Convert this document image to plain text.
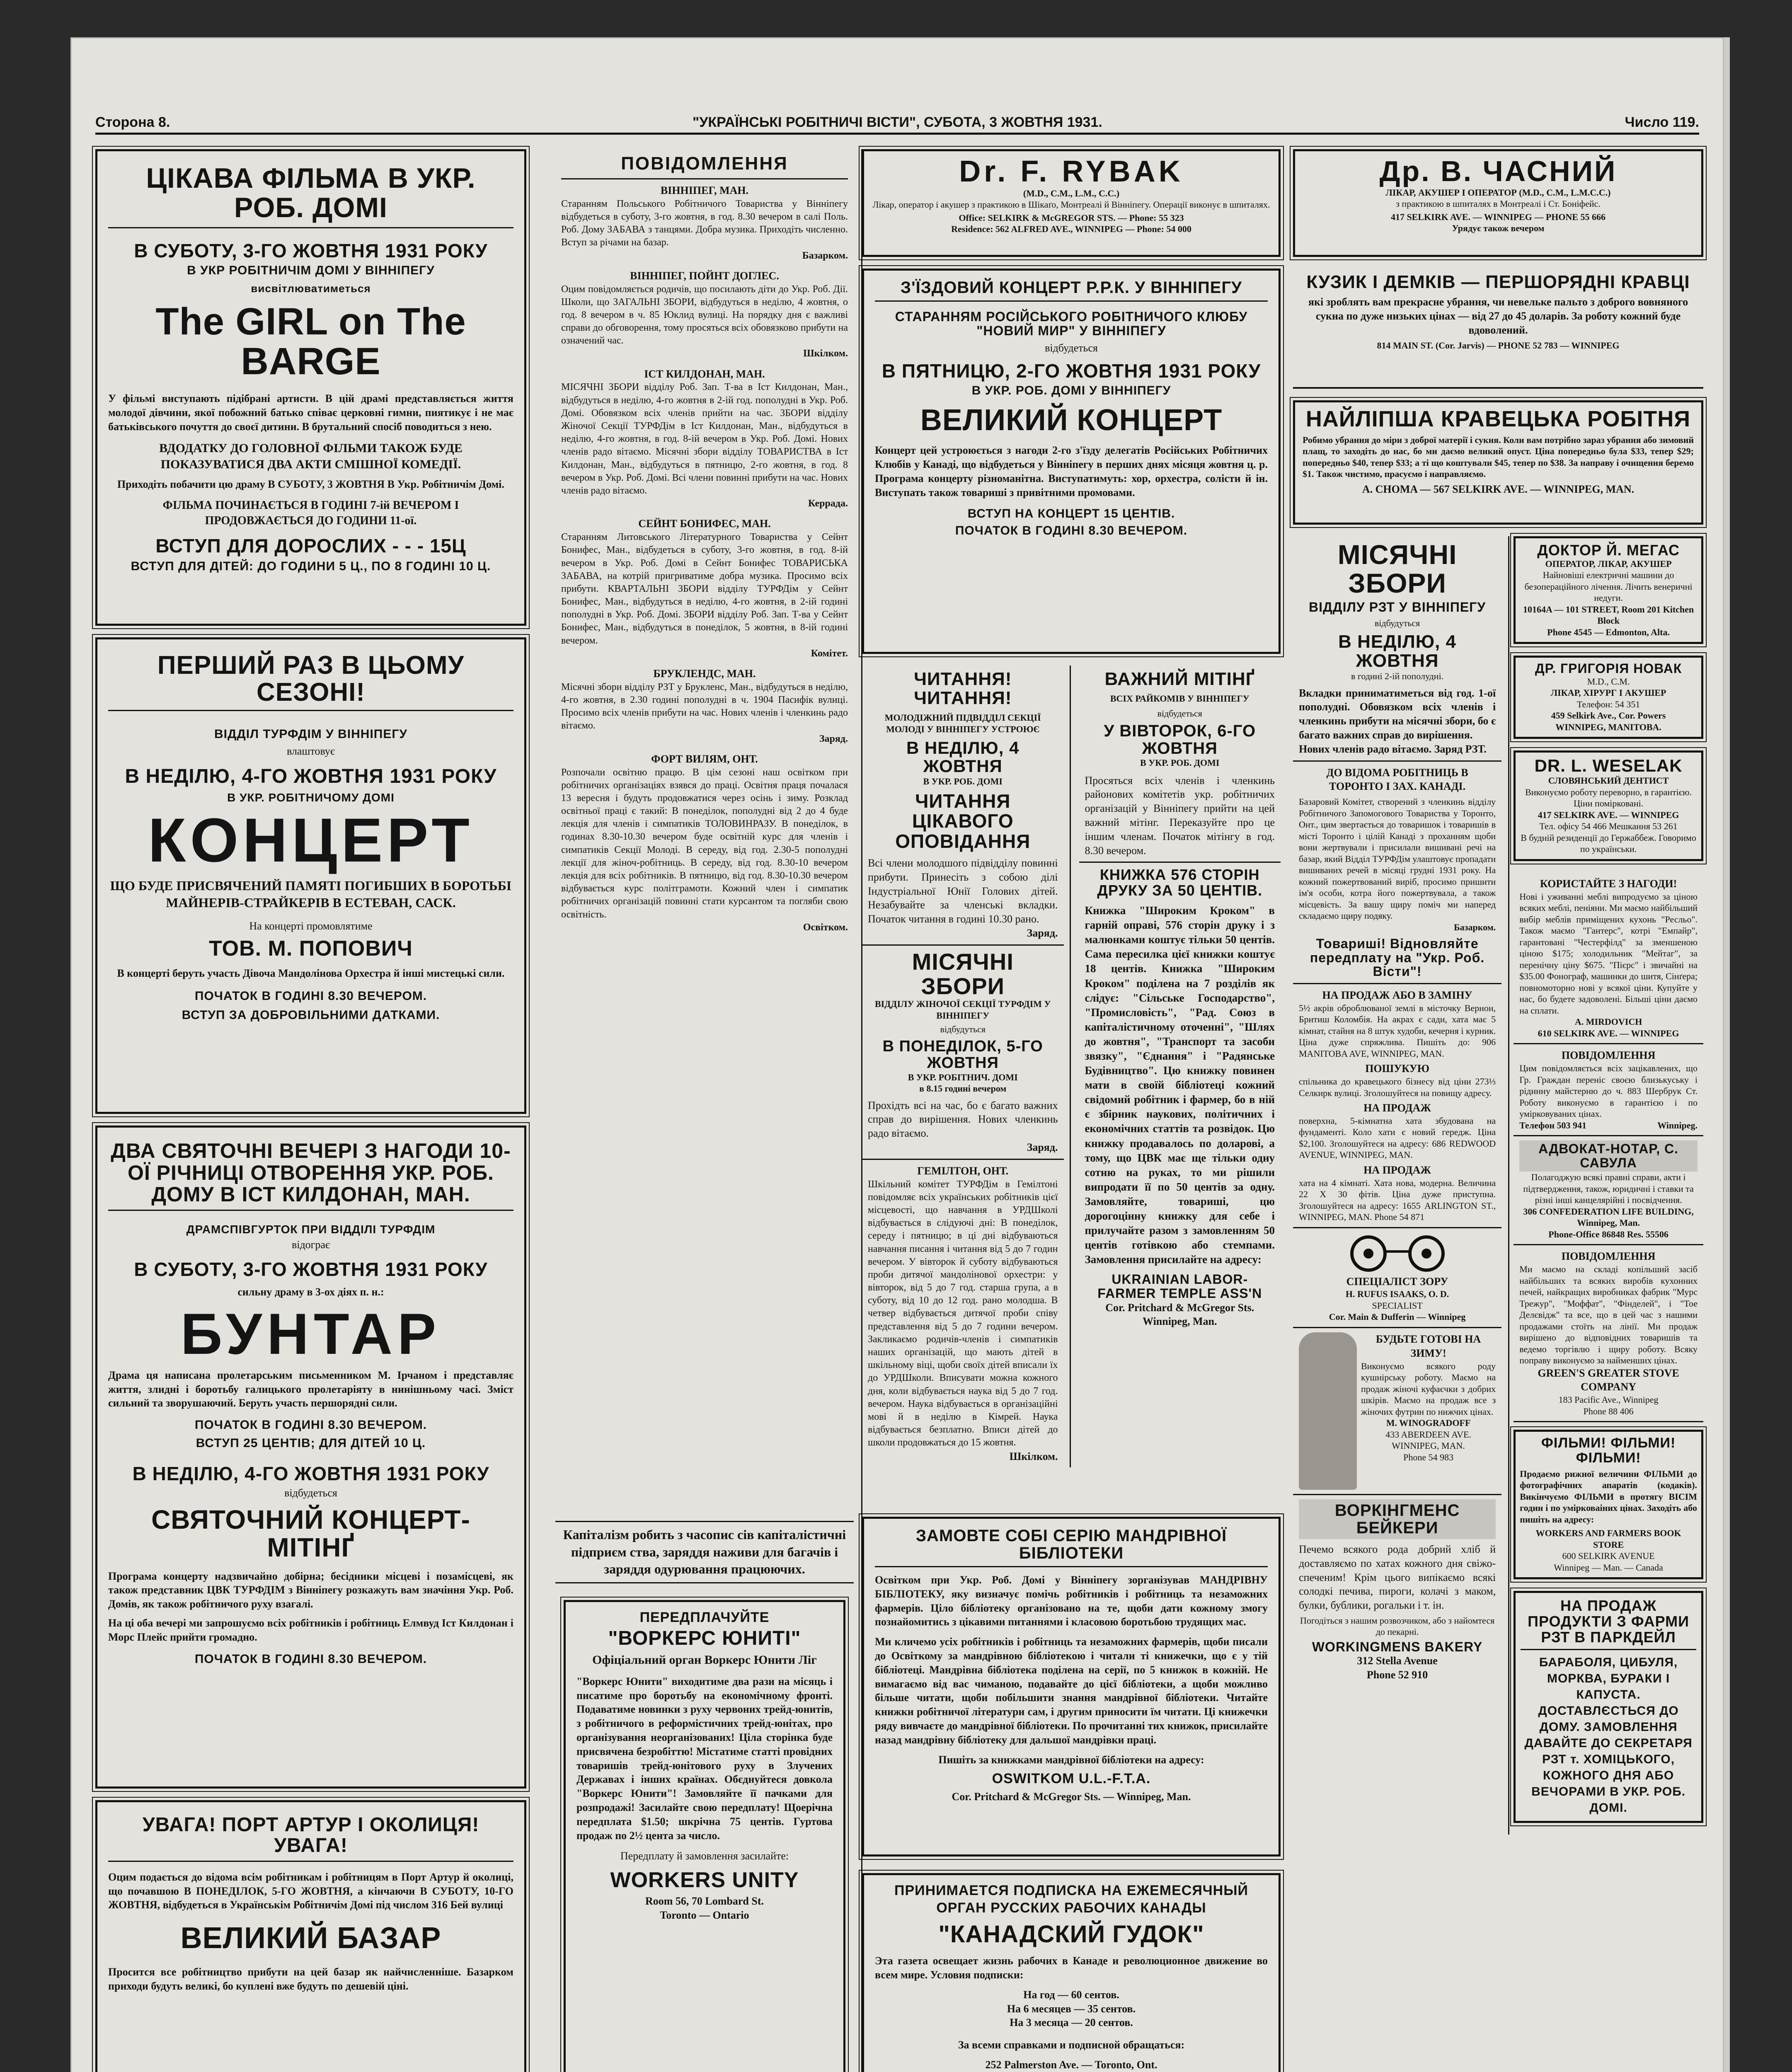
Сторона 8.	"УКРАЇНСЬКІ РОБІТНИЧІ ВІСТИ", СУБОТА, 3 ЖОВТНЯ 1931.	Число 119.
ЦІКАВА ФІЛЬМА В УКР. РОБ. ДОМІ
В СУБОТУ, 3-ГО ЖОВТНЯ 1931 РОКУ
В УКР РОБІТНИЧІМ ДОМІ У ВІННІПЕГУ
висвітлюватиметься
The GIRL on The BARGE
У фільмі виступають підібрані артисти. В цій драмі представляється життя молодої дівчини, якої побожний батько співає церковні гимни, пиятикує і не має батьківського почуття до своєї дитини. В брутальний спосіб поводиться з нею.
ВДОДАТКУ ДО ГОЛОВНОЇ ФІЛЬМИ ТАКОЖ БУДЕ ПОКАЗУВАТИСЯ ДВА АКТИ СМІШНОЇ КОМЕДІЇ.
Приходіть побачити цю драму В СУБОТУ, 3 ЖОВТНЯ В Укр. Робітничім Домі.
ФІЛЬМА ПОЧИНАЄТЬСЯ В ГОДИНІ 7-ій ВЕЧЕРОМ І ПРОДОВЖАЄТЬСЯ ДО ГОДИНИ 11-ої.
ВСТУП ДЛЯ ДОРОСЛИХ - - - 15Ц
ВСТУП ДЛЯ ДІТЕЙ: ДО ГОДИНИ 5 Ц., ПО 8 ГОДИНІ 10 Ц.
ПЕРШИЙ РАЗ В ЦЬОМУ СЕЗОНІ!
ВІДДІЛ ТУРФДІМ У ВІННІПЕГУ
влаштовує
В НЕДІЛЮ, 4-ГО ЖОВТНЯ 1931 РОКУ
В УКР. РОБІТНИЧОМУ ДОМІ
КОНЦЕРТ
ЩО БУДЕ ПРИСВЯЧЕНИЙ ПАМЯТІ ПОГИБШИХ В БОРОТЬБІ МАЙНЕРІВ-СТРАЙКЕРІВ В ЕСТЕВАН, САСК.
На концерті промовлятиме
ТОВ. М. ПОПОВИЧ
В концерті беруть участь Дівоча Мандолінова Орхестра й інші мистецькі сили.
ПОЧАТОК В ГОДИНІ 8.30 ВЕЧЕРОМ.
ВСТУП ЗА ДОБРОВІЛЬНИМИ ДАТКАМИ.
ДВА СВЯТОЧНІ ВЕЧЕРІ З НАГОДИ 10-ОЇ РІЧНИЦІ ОТВОРЕННЯ УКР. РОБ. ДОМУ В ІСТ КИЛДОНАН, МАН.
ДРАМСПІВГУРТОК ПРИ ВІДДІЛІ ТУРФДІМ
відограє
В СУБОТУ, 3-ГО ЖОВТНЯ 1931 РОКУ
сильну драму в 3-ох діях п. н.:
БУНТАР
Драма ця написана пролетарським письменником М. Ірчаном і представляє життя, злидні і боротьбу галицького пролетаріяту в нинішньому часі. Зміст сильний та зворушаючий. Беруть участь першорядні сили.
ПОЧАТОК В ГОДИНІ 8.30 ВЕЧЕРОМ.
ВСТУП 25 ЦЕНТІВ; ДЛЯ ДІТЕЙ 10 Ц.
В НЕДІЛЮ, 4-ГО ЖОВТНЯ 1931 РОКУ
відбудеться
СВЯТОЧНИЙ КОНЦЕРТ-МІТІНҐ
Програма концерту надзвичайно добірна; бесідники місцеві і позамісцеві, як також представник ЦВК ТУРФДІМ з Вінніпегу розкажуть вам значіння Укр. Роб. Домів, як також робітничого руху взагалі.
На ці оба вечері ми запрошуємо всіх робітників і робітниць Елмвуд Іст Килдонан і Морс Плейс прийти громадно.
ПОЧАТОК В ГОДИНІ 8.30 ВЕЧЕРОМ.
УВАГА! ПОРТ АРТУР І ОКОЛИЦЯ! УВАГА!
Оцим подається до відома всім робітникам і робітницям в Порт Артур й околиці, що почавшою В ПОНЕДІЛОК, 5-ГО ЖОВТНЯ, а кінчаючи В СУБОТУ, 10-ГО ЖОВТНЯ, відбудеться в Українськім Робітничім Домі під числом 316 Бей вулиці
ВЕЛИКИЙ БАЗАР
Просится все робітництво прибути на цей базар як найчисленніше. Базарком приходи будуть великі, бо куплені вже будуть по дешевій ціні.
ПОВІДОМЛЕННЯ
ВІННІПЕГ, МАН.
Старанням Польського Робітничого Товариства у Вінніпегу відбудеться в суботу, 3-го жовтня, в год. 8.30 вечером в салі Поль. Роб. Дому ЗАБАВА з танцями. Добра музика. Приходіть численно. Вступ за річами на базар.
Базарком.
ВІННІПЕГ, ПОЙНТ ДОГЛЕС.
Оцим повідомляється родичів, що посилають діти до Укр. Роб. Дії. Школи, що ЗАГАЛЬНІ ЗБОРИ, відбудуться в неділю, 4 жовтня, о год. 8 вечером в ч. 85 Юклид вулиці. На порядку дня є важливі справи до обговорення, тому просяться всіх обовязково прибути на означений час.
Шкілком.
ІСТ КИЛДОНАН, МАН.
МІСЯЧНІ ЗБОРИ відділу Роб. Зап. Т-ва в Іст Килдонан, Ман., відбудуться в неділю, 4-го жовтня в 2-ій год. пополудні в Укр. Роб. Домі. Обовязком всіх членів прийти на час. ЗБОРИ відділу Жіночої Секції ТУРФДім в Іст Килдонан, Ман., відбудуться в неділю, 4-го жовтня, в год. 8-ій вечером в Укр. Роб. Домі. Нових членів радо вітаємо. Місячні збори відділу ТОВАРИСТВА в Іст Килдонан, Ман., відбудуться в пятницю, 2-го жовтня, в год. 8 вечером в Укр. Роб. Домі. Всі члени повинні прибути на час. Нових членів радо вітаємо.
Керрада.
СЕЙНТ БОНИФЕС, МАН.
Старанням Литовського Літературного Товариства у Сейнт Бонифес, Ман., відбудеться в суботу, 3-го жовтня, в год. 8-ій вечером в Укр. Роб. Домі в Сейнт Бонифес ТОВАРИСЬКА ЗАБАВА, на котрій пригриватиме добра музика. Просимо всіх прибути. КВАРТАЛЬНІ ЗБОРИ відділу ТУРФДім у Сейнт Бонифес, Ман., відбудуться в неділю, 4-го жовтня, в 2-ій годині пополудні в Укр. Роб. Домі. ЗБОРИ відділу Роб. Зап. Т-ва у Сейнт Бонифес, Ман., відбудуться в понеділок, 5 жовтня, в 8-ій годині вечером.
Комітет.
БРУКЛЕНДС, МАН.
Місячні збори відділу РЗТ у Брукленс, Ман., відбудуться в неділю, 4-го жовтня, в 2.30 годині пополудні в ч. 1904 Пасифік вулиці. Просимо всіх членів прибути на час. Нових членів і членкинь радо вітаємо.
Заряд.
ФОРТ ВИЛЯМ, ОНТ.
Розпочали освітню працю. В цім сезоні наш освітком при робітничих організаціях взявся до праці. Освітня праця почалася 13 вересня і будуть продовжатися через осінь і зиму. Розклад освітньої праці є такий: В понеділок, пополудні від 2 до 4 буде лекція для членів і симпатиків ТОЛОВИНРАЗУ. В понеділок, в годинах 8.30-10.30 вечером буде освітній курс для членів і симпатиків Секції Молоді. В середу, від год. 2.30-5 пополудні лекції для жіноч-робітниць. В середу, від год. 8.30-10 вечером лекція для всіх робітників. В пятницю, від год. 8.30-10.30 вечером відбувається курс політграмоти. Кожний член і симпатик робітничих організацій повинні стати курсантом та погляби свою освітність.
Освітком.
Капіталізм робить з часопис сів капіталістичні підприєм ства, заряддя наживи для багачів і заряддя одурювання працюючих.
ПЕРЕДПЛАЧУЙТЕ
"ВОРКЕРС ЮНИТІ"
Офіціальний орган Воркерс Юнити Ліг
"Воркерс Юнити" виходитиме два рази на місяць і писатиме про боротьбу на економічному фронті. Подаватиме новинки з руху червоних трейд-юнитів, з робітничого в реформістичних трейд-юнітах, про організування неорганізованих! Ціла сторінка буде присвячена безробіттю! Містатиме статті провідних товаришів трейд-юнітового руху в Злучених Державах і інших країнах. Обєднуйтеся довкола "Воркерс Юнити"! Замовляйте її пачками для розпродажі! Засилайте свою передплату! Щоерічна передплата $1.50; шкрічна 75 центів. Гуртова продаж по 2½ цента за число.
Передплату й замовлення засилайте:
WORKERS UNITY
Room 56, 70 Lombard St.
Toronto — Ontario
Dr. F. RYBAK
(M.D., C.M., L.M., C.C.)
Лікар, оператор і акушер з практикою в Шікаґо, Монтреалі й Вінніпегу. Операції виконує в шпиталях.
Office: SELKIRK & McGREGOR STS. — Phone: 55 323
Residence: 562 ALFRED AVE., WINNIPEG — Phone: 54 000
З'ЇЗДОВИЙ КОНЦЕРТ Р.Р.К. У ВІННІПЕГУ
СТАРАННЯМ РОСІЙСЬКОГО РОБІТНИЧОГО КЛЮБУ "НОВИЙ МИР" У ВІННІПЕГУ
відбудеться
В ПЯТНИЦЮ, 2-ГО ЖОВТНЯ 1931 РОКУ
В УКР. РОБ. ДОМІ У ВІННІПЕГУ
ВЕЛИКИЙ КОНЦЕРТ
Концерт цей устроюється з нагоди 2-го з'їзду делегатів Російських Робітничих Клюбів у Канаді, що відбудеться у Вінніпегу в перших днях місяця жовтня ц. р. Програма концерту різноманітна. Виступатимуть: хор, орхестра, солісти й ін. Виступать також товариші з привітними промовами.
ВСТУП НА КОНЦЕРТ 15 ЦЕНТІВ.
ПОЧАТОК В ГОДИНІ 8.30 ВЕЧЕРОМ.
ЧИТАННЯ! ЧИТАННЯ!
МОЛОДІЖНИЙ ПІДВІДДІЛ СЕКЦІЇ МОЛОДІ У ВІННІПЕГУ УСТРОЮЄ
В НЕДІЛЮ, 4 ЖОВТНЯ
В УКР. РОБ. ДОМІ
ЧИТАННЯ ЦІКАВОГО ОПОВІДАННЯ
Всі члени молодшого підвідділу повинні прибути. Принесіть з собою ділі Індустріальної Юнії Голових дітей. Незабувайте за членські вкладки. Початок читання в годині 10.30 рано.
Заряд.
МІСЯЧНІ ЗБОРИ
ВІДДІЛУ ЖІНОЧОЇ СЕКЦІЇ ТУРФДІМ У ВІННІПЕГУ
відбудуться
В ПОНЕДІЛОК, 5-ГО ЖОВТНЯ
В УКР. РОБІТНИЧ. ДОМІ
в 8.15 годині вечером
Прохідть всі на час, бо є багато важних справ до вирішення. Нових членкинь радо вітаємо.
Заряд.
ГЕМІЛТОН, ОНТ.
Шкільний комітет ТУРФДім в Гемілтоні повідомляє всіх українських робітників цієї місцевості, що навчання в УРДШколі відбувається в слідуючі дні: В понеділок, середу і пятницю; в ці дні відбуваються навчання писання і читання від 5 до 7 годин вечером. У вівторок й суботу відбуваються проби дитячої мандолінової орхестри: у вівторок, від 5 до 7 год. старша група, а в суботу, від 10 до 12 год. рано молодша. В четвер відбувається дитячої проби співу представлення від 5 до 7 години вечером. Закликаємо родичів-членів і симпатиків наших організацій, що мають дітей в шкільному віці, щоби своїх дітей вписали їх до УРДШколи. Вписувати можна кожного дня, коли відбувається наука від 5 до 7 год. вечером. Наука відбувається в організаційні мові й в неділю в Кімрей. Наука відбувається безплатно. Вписи дітей до школи продовжаться до 15 жовтня.
Шкілком.
ВАЖНИЙ МІТІНҐ
ВСІХ РАЙКОМІВ У ВІННІПЕГУ
відбудеться
У ВІВТОРОК, 6-ГО ЖОВТНЯ
В УКР. РОБ. ДОМІ
Просяться всіх членів і членкинь районових комітетів укр. робітничих організацій у Вінніпегу прийти на цей важний мітінг. Переказуйте про це іншим членам. Початок мітінгу в год. 8.30 вечером.
КНИЖКА 576 СТОРІН ДРУКУ ЗА 50 ЦЕНТІВ.
Книжка "Широким Кроком" в гарній оправі, 576 сторін друку і з малюнками коштує тільки 50 центів. Сама пересилка цієї книжки коштує 18 центів. Книжка "Широким Кроком" поділена на 7 розділів як слідує: "Сільське Господарство", "Промисловість", "Рад. Союз в капіталістичному оточенні", "Шлях до жовтня", "Транспорт та засоби звязку", "Єднання" і "Радянське Будівництво". Цю книжку повинен мати в своїй бібліотеці кожний свідомий робітник і фармер, бо в ній є збірник наукових, політичних і економічних статтів та розвідок. Цю книжку продавалось по доларові, а тому, що ЦВК має ще тільки одну сотню на руках, то ми рішили випродати її по 50 центів за одну. Замовляйте, товариші, цю дорогоцінну книжку для себе і прилучайте разом з замовленням 50 центів готівкою або стемпами. Замовлення присилайте на адресу:
UKRAINIAN LABOR-FARMER TEMPLE ASS'N
Cor. Pritchard & McGregor Sts.
Winnipeg, Man.
ЗАМОВТЕ СОБІ СЕРІЮ МАНДРІВНОЇ БІБЛІОТЕКИ
Освітком при Укр. Роб. Домі у Вінніпегу зорганізував МАНДРІВНУ БІБЛІОТЕКУ, яку визначує помічь робітників і робітниць та незаможних фармерів. Ціло бібліотеку організовано на те, щоби дати кожному змогу познайомитись з цікавими питаннями і класовою боротьбою трудящих мас.
Ми кличемо усіх робітників і робітниць та незаможних фармерів, щоби писали до Освіткому за мандрівною бібліотекою і читали ті книжечки, що є у тій бібліотеці. Мандрівна бібліотека поділена на серії, по 5 книжок в кожній. Не вимагаємо від вас чиманою, подавайте до цієї бібліотеки, а щоби можливо більше читати, щоби побільшити знання мандрівної бібліотеки. Читайте книжки робітничої літератури сам, і другим приносити їм читати. Ці книжечки ряду вивчаєте до мандрівної бібліотеки. По прочитанні тих книжок, присилайте назад мандрівну бібліотеку для дальшої мандрівки праці.
Пишіть за книжками мандрівної бібліотеки на адресу:
OSWITKOM U.L.-F.T.A.
Cor. Pritchard & McGregor Sts. — Winnipeg, Man.
ПРИНИМАЕТСЯ ПОДПИСКА НА ЕЖЕМЕСЯЧНЫЙ
ОРГАН РУССКИХ РАБОЧИХ КАНАДЫ
"КАНАДСКИЙ ГУДОК"
Эта газета освещает жизнь рабочих в Канаде и революционное движение во всем мире. Условия подписки:
На год — 60 сентов.
На 6 месяцев — 35 сентов.
На 3 месяца — 20 сентов.
За всеми справками и подписной обращаться:
252 Palmerston Ave. — Toronto, Ont.
Др. В. ЧАСНИЙ
ЛІКАР, АКУШЕР І ОПЕРАТОР (M.D., C.M., L.M.C.C.)
з практикою в шпиталях в Монтреалі і Ст. Боніфейс.
417 SELKIRK AVE. — WINNIPEG — PHONE 55 666
Урядує також вечером
КУЗИК І ДЕМКІВ — ПЕРШОРЯДНІ КРАВЦІ
які зроблять вам прекрасне убрання, чи невельке пальто з доброго вовняного сукна по дуже низьких цінах — від 27 до 45 доларів. За роботу кожний буде вдоволений.
814 MAIN ST. (Cor. Jarvis) — PHONE 52 783 — WINNIPEG
НАЙЛІПША КРАВЕЦЬКА РОБІТНЯ
Робимо убрання до міри з доброї матерії і сукня. Коли вам потрібно зараз убрання або зимовий плащ, то заходіть до нас, бо ми даємо великий опуст. Ціна попередньо була $33, тепер $29; попередньо $40, тепер $33; а ті що коштували $45, тепер по $38. За направу і очищення беремо $1. Також чистимо, прасуємо і направляємо.
A. CHOMA — 567 SELKIRK AVE. — WINNIPEG, MAN.
МІСЯЧНІ ЗБОРИ
ВІДДІЛУ РЗТ У ВІННІПЕГУ
відбудуться
В НЕДІЛЮ, 4 ЖОВТНЯ
в годині 2-ій пополудні.
Вкладки приниматиметься від год. 1-ої пополудні. Обовязком всіх членів і членкинь прибути на місячні збори, бо є багато важних справ до вирішення.
Нових членів радо вітаємо. Заряд РЗТ.
ДО ВІДОМА РОБІТНИЦЬ В ТОРОНТО І ЗАХ. КАНАДІ.
Базаровий Комітет, створений з членкинь відділу Робітничого Запомогового Товариства у Торонто, Онт., цим звертається до товаришок і товаришів в місті Торонто і цілій Канаді з проханням щоби вони жертвували і присилали вишивані речі на базар, який Відділ ТУРФДім улаштовує пропадати вишиваних речей в місяці грудні 1931 року. На кожний пожертвований виріб, просимо пришити ім'я особи, котра його пожертвувала, а також місцевість. За вашу щиру поміч ми наперед складаємо щиру подяку.
Базарком.
Товариші! Відновляйте передплату на "Укр. Роб. Вісти"!
НА ПРОДАЖ АБО В ЗАМІНУ
5½ акрів оброблюваної землі в місточку Вернон, Бритиш Коломбія. На акрах є сади, хата має 5 кімнат, стайня на 8 штук худоби, кечерня і курник. Ціна дуже спряжлива. Пишіть до: 906 MANITOBA AVE, WINNIPEG, MAN.
ПОШУКУЮ
спільника до кравецького бізнесу від ціни 273⅓ Селкирк вулиці. Зголошуйтеся на повищу адресу.
НА ПРОДАЖ
поверхна, 5-кімнатна хата збудована на фундаменті. Коло хати є новий гередж. Ціна $2,100. Зголошуйтеся на адресу: 686 REDWOOD AVENUE, WINNIPEG, MAN.
НА ПРОДАЖ
хата на 4 кімнаті. Хата нова, модерна. Величина 22 Х 30 фітів. Ціна дуже приступна. Зголошуйтеся на адресу: 1655 ARLINGTON ST., WINNIPEG, MAN. Phone 54 871
СПЕЦІАЛІСТ ЗОРУ
H. RUFUS ISAAKS, O. D.
SPECIALIST
Cor. Main & Dufferin — Winnipeg
БУДЬТЕ ГОТОВІ НА ЗИМУ!
Виконуємо всякого роду кушнірську роботу. Маємо на продаж жіночі куфаєчки з добрих шкірів. Маємо на продаж все з жіночих футрин по нижчих цінах.
M. WINOGRADOFF
433 ABERDEEN AVE. WINNIPEG, MAN.
Phone 54 983
ВОРКІНГМЕНС БЕЙКЕРИ
Печемо всякого рода добрий хліб й доставляємо по хатах кожного дня свіжо-спеченим! Крім цього випікаємо всякі солодкі печива, пироги, колачі з маком, булки, бублики, рогальки і т. ін.
Погодіться з нашим розвозчиком, або з найомтеся до пекарні.
WORKINGMENS BAKERY
312 Stella Avenue
Phone 52 910
ДОКТОР Й. МЕГАС
ОПЕРАТОР, ЛІКАР, АКУШЕР
Найновіші електричні машини до безопераційного лічення. Лічить венеричні недуги.
10164A — 101 STREET, Room 201 Kitchen Block
Phone 4545 — Edmonton, Alta.
ДР. ГРИГОРІЯ НОВАК
M.D., C.M.
ЛІКАР, ХІРУРГ І АКУШЕР
Телефон: 54 351
459 Selkirk Ave., Cor. Powers
WINNIPEG, MANITOBA.
DR. L. WESELAK
СЛОВЯНСЬКИЙ ДЕНТИСТ
Виконуємо роботу переворно, в гарантією. Ціни помірковані.
417 SELKIRK AVE. — WINNIPEG
Тел. офісу 54 466 Мешкання 53 261
В будній резиденції до Гержаббеж. Говоримо по українськи.
КОРИСТАЙТЕ З НАГОДИ!
Нові і уживанні меблі випродуємо за ціною всяких меблі, пеніяни. Ми маємо найбільший вибір меблів приміщених кухонь "Ресльо". Також маємо "Гантерс", котрі "Емпайр", гарантовані "Честерфілд" за зменшеною ціною $175; холодильник "Мейтаг", за перенічну ціну $675. "Пієрс" і звичайні на $35.00 Фонограф, машинки до шитя, Сінґера; повномоторно нові у всякої ціни. Купуйте у нас, бо будете задоволені. Більші ціни даємо на сплати.
A. MIRDOVICH
610 SELKIRK AVE. — WINNIPEG
ПОВІДОМЛЕННЯ
Цим повідомляється всіх зацікавлених, що Гр. Граждан переніс своєю близькуську і рідинну майстерню до ч. 883 Шербрук Ст. Роботу виконуємо в гарантією і по умірковуваних цінах.
Телефон 503 941	Winnipeg.
АДВОКАТ-НОТАР, С. САВУЛА
Полагоджую всякі правні справи, акти і підтвердження, також, юридичні і ставки та різні інші канцелярійні і посвідчення.
306 CONFEDERATION LIFE BUILDING, Winnipeg, Man.
Phone-Office 86848 Res. 55506
ПОВІДОМЛЕННЯ
Ми маємо на складі копільший засіб найбільших та всяких виробів кухонних печей, найкращих виробниках фабрик "Мурс Трежур", "Моффат", "Фінделей", і "Тое Делєвідж" та все, що в цей час з нашими продажами стоїть на лінії. Ми продаж вирішено до відповідних товаришів та ведемо торгівлю і щиру роботу. Всяку поправу виконуємо за найменших цінах.
GREEN'S GREATER STOVE COMPANY
183 Pacific Ave., Winnipeg
Phone 88 406
ФІЛЬМИ! ФІЛЬМИ! ФІЛЬМИ!
Продаємо рижної величини ФІЛЬМИ до фотографічних апаратів (кодаків). Викінчуємо ФІЛЬМИ в протягу ВІСІМ годин і по умірковаіних цінах. Заходіть або пишіть на адресу:
WORKERS AND FARMERS BOOK STORE
600 SELKIRK AVENUE
Winnipeg — Man. — Canada
НА ПРОДАЖ ПРОДУКТИ З ФАРМИ РЗТ В ПАРКДЕЙЛ
БАРАБОЛЯ, ЦИБУЛЯ, МОРКВА, БУРАКИ І КАПУСТА. ДОСТАВЛЄСТЬСЯ ДО ДОМУ. ЗАМОВЛЕННЯ ДАВАЙТЕ ДО СЕКРЕТАРЯ РЗТ т. ХОМІЦЬКОГО, КОЖНОГО ДНЯ АБО ВЕЧОРАМИ В УКР. РОБ. ДОМІ.
